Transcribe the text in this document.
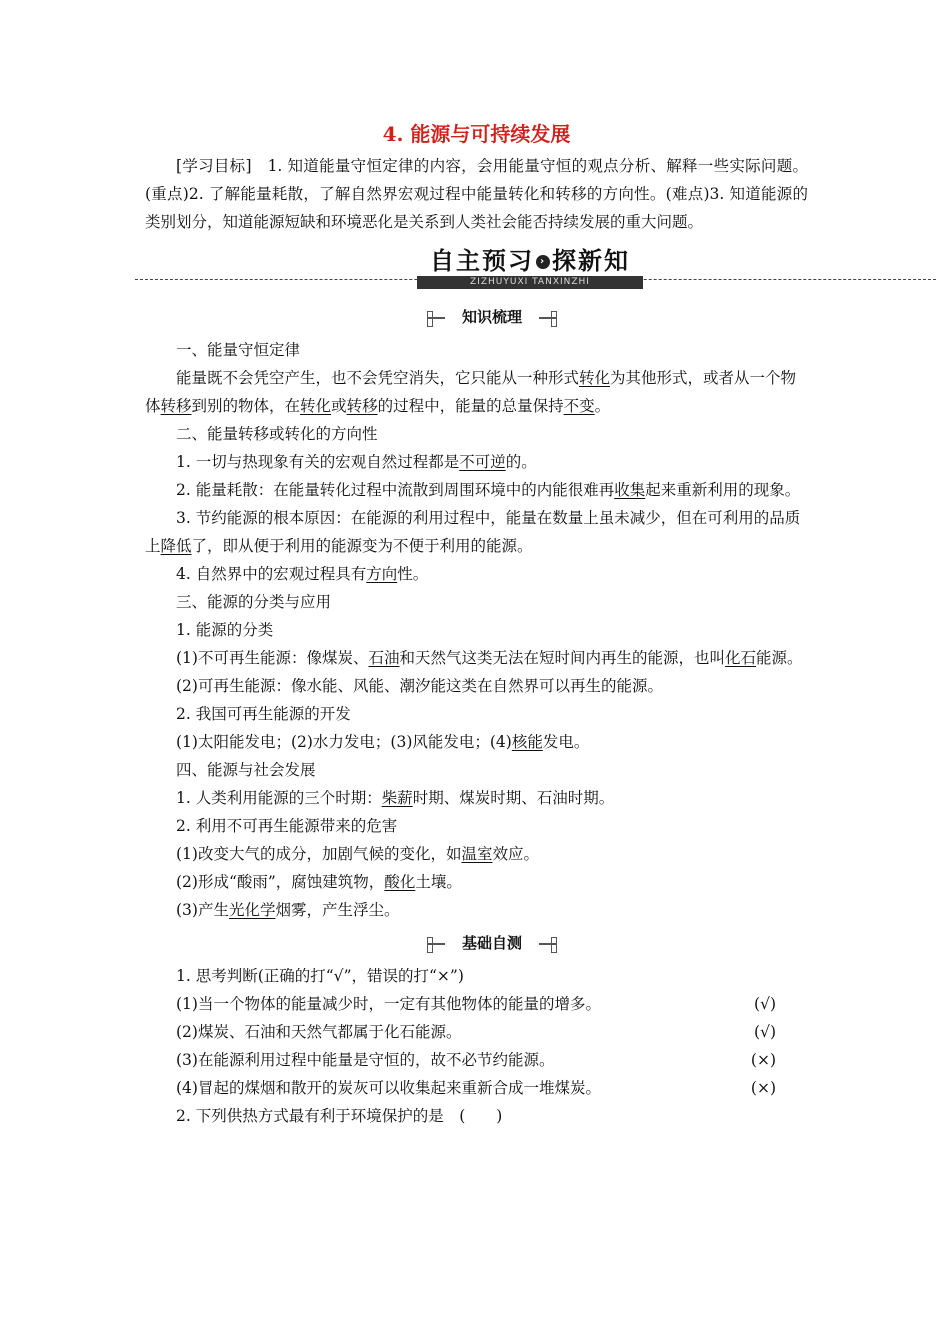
4. 能源与可持续发展
[学习目标]　 1. 知道能量守恒定律的内容，会用能量守恒的观点分析、解释一些实际问题。(重点)2. 了解能量耗散，了解自然界宏观过程中能量转化和转移的方向性。(难点)3. 知道能源的类别划分，知道能源短缺和环境恶化是关系到人类社会能否持续发展的重大问题。
自主预习 › 探新知
ZIZHUYUXI TANXINZHI
知识梳理

一、能量守恒定律

能量既不会凭空产生，也不会凭空消失，它只能从一种形式转化为其他形式，或者从一个物体转移到别的物体，在转化或转移的过程中，能量的总量保持不变。

二、能量转移或转化的方向性

1. 一切与热现象有关的宏观自然过程都是不可逆的。

2. 能量耗散：在能量转化过程中流散到周围环境中的内能很难再收集起来重新利用的现象。

3. 节约能源的根本原因：在能源的利用过程中，能量在数量上虽未减少，但在可利用的品质上降低了，即从便于利用的能源变为不便于利用的能源。

4. 自然界中的宏观过程具有方向性。

三、能源的分类与应用

1. 能源的分类

(1)不可再生能源：像煤炭、石油和天然气这类无法在短时间内再生的能源，也叫化石能源。

(2)可再生能源：像水能、风能、潮汐能这类在自然界可以再生的能源。

2. 我国可再生能源的开发

(1)太阳能发电；(2)水力发电；(3)风能发电；(4)核能发电。

四、能源与社会发展

1. 人类利用能源的三个时期：柴薪时期、煤炭时期、石油时期。

2. 利用不可再生能源带来的危害

(1)改变大气的成分，加剧气候的变化，如温室效应。

(2)形成“酸雨”，腐蚀建筑物，酸化土壤。

(3)产生光化学烟雾，产生浮尘。

基础自测

1. 思考判断(正确的打“√”，错误的打“×”)

(1)当一个物体的能量减少时，一定有其他物体的能量的增多。	(√)
(2)煤炭、石油和天然气都属于化石能源。	(√)
(3)在能源利用过程中能量是守恒的，故不必节约能源。	(×)
(4)冒起的煤烟和散开的炭灰可以收集起来重新合成一堆煤炭。	(×)

2. 下列供热方式最有利于环境保护的是　(　　)
